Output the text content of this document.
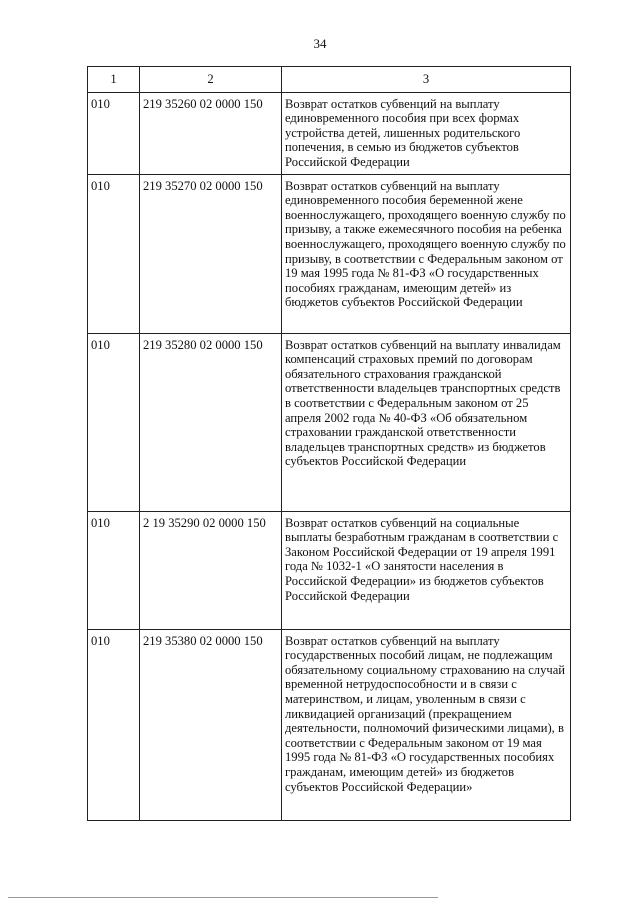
34
1	2	3
010	219 35260 02 0000 150	Возврат остатков субвенций на выплату единовременного пособия при всех формах устройства детей, лишенных родительского попечения, в семью из бюджетов субъектов Российской Федерации
010	219 35270 02 0000 150	Возврат остатков субвенций на выплату единовременного пособия беременной жене военнослужащего, проходящего военную службу по призыву, а также ежемесячного пособия на ребенка военнослужащего, проходящего военную службу по призыву, в соответствии с Федеральным законом от 19 мая 1995 года № 81-ФЗ «О государственных пособиях гражданам, имеющим детей» из бюджетов субъектов Российской Федерации
010	219 35280 02 0000 150	Возврат остатков субвенций на выплату инвалидам компенсаций страховых премий по договорам обязательного страхования гражданской ответственности владельцев транспортных средств в соответствии с Федеральным законом от 25 апреля 2002 года № 40-ФЗ «Об обязательном страховании гражданской ответственности владельцев транспортных средств» из бюджетов субъектов Российской Федерации
010	2 19 35290 02 0000 150	Возврат остатков субвенций на социальные выплаты безработным гражданам в соответствии с Законом Российской Федерации от 19 апреля 1991 года № 1032-1 «О занятости населения в Российской Федерации» из бюджетов субъектов Российской Федерации
010	219 35380 02 0000 150	Возврат остатков субвенций на выплату государственных пособий лицам, не подлежащим обязательному социальному страхованию на случай временной нетрудоспособности и в связи с материнством, и лицам, уволенным в связи с ликвидацией организаций (прекращением деятельности, полномочий физическими лицами), в соответствии с Федеральным законом от 19 мая 1995 года № 81-ФЗ «О государственных пособиях гражданам, имеющим детей» из бюджетов субъектов Российской Федерации»
